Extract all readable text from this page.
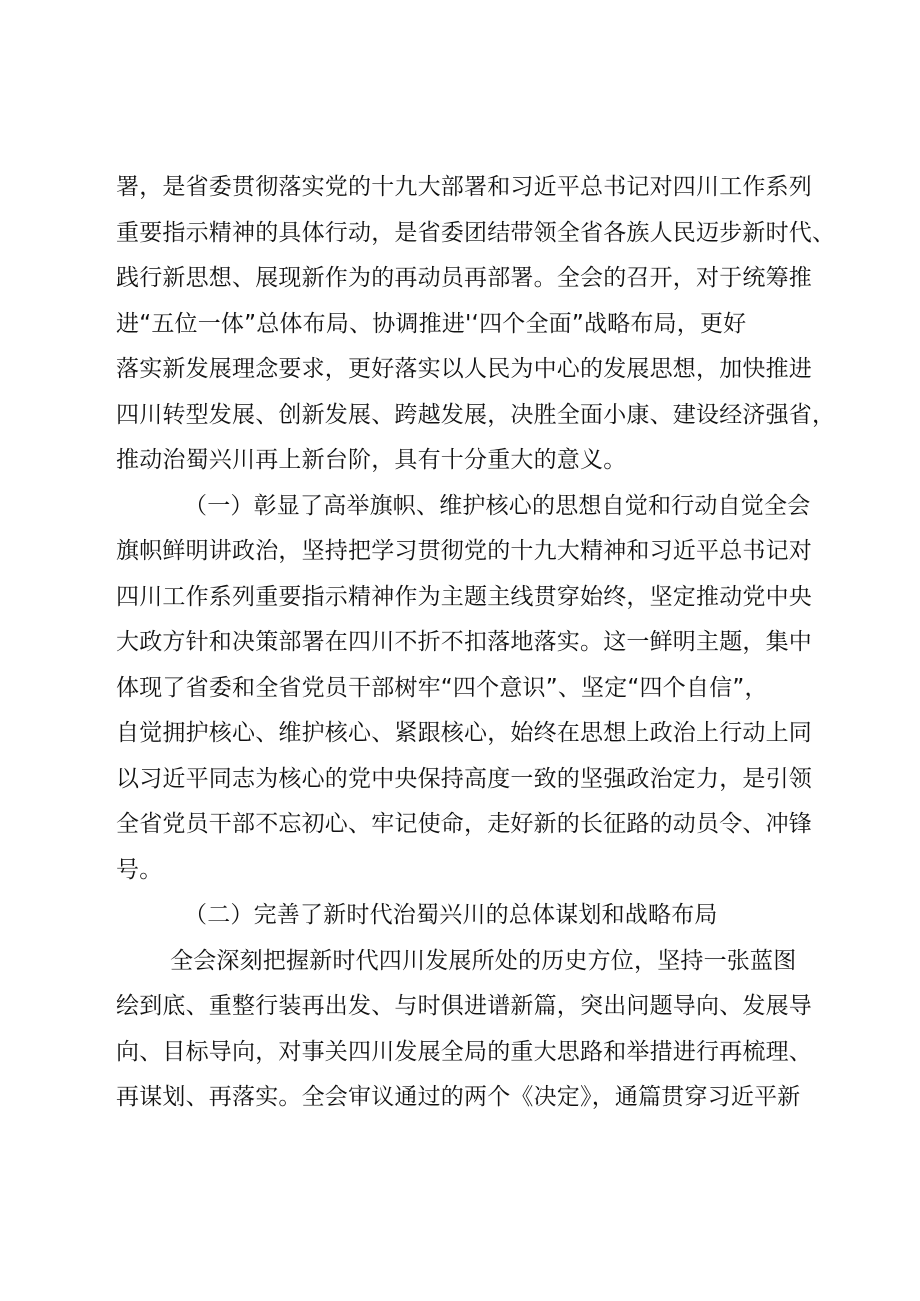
署，是省委贯彻落实党的十九大部署和习近平总书记对四川工作系列
重要指示精神的具体行动，是省委团结带领全省各族人民迈步新时代、
践行新思想、展现新作为的再动员再部署。全会的召开，对于统筹推
进“五位一体”总体布局、协调推进'‘四个全面”战略布局，更好
落实新发展理念要求，更好落实以人民为中心的发展思想，加快推进
四川转型发展、创新发展、跨越发展，决胜全面小康、建设经济强省，
推动治蜀兴川再上新台阶，具有十分重大的意义。
（一）彰显了高举旗帜、维护核心的思想自觉和行动自觉全会
旗帜鲜明讲政治，坚持把学习贯彻党的十九大精神和习近平总书记对
四川工作系列重要指示精神作为主题主线贯穿始终，坚定推动党中央
大政方针和决策部署在四川不折不扣落地落实。这一鲜明主题，集中
体现了省委和全省党员干部树牢“四个意识”、坚定“四个自信”，
自觉拥护核心、维护核心、紧跟核心，始终在思想上政治上行动上同
以习近平同志为核心的党中央保持高度一致的坚强政治定力，是引领
全省党员干部不忘初心、牢记使命，走好新的长征路的动员令、冲锋
号。
（二）完善了新时代治蜀兴川的总体谋划和战略布局
全会深刻把握新时代四川发展所处的历史方位，坚持一张蓝图
绘到底、重整行装再出发、与时俱进谱新篇，突出问题导向、发展导
向、目标导向，对事关四川发展全局的重大思路和举措进行再梳理、
再谋划、再落实。全会审议通过的两个《决定》，通篇贯穿习近平新
